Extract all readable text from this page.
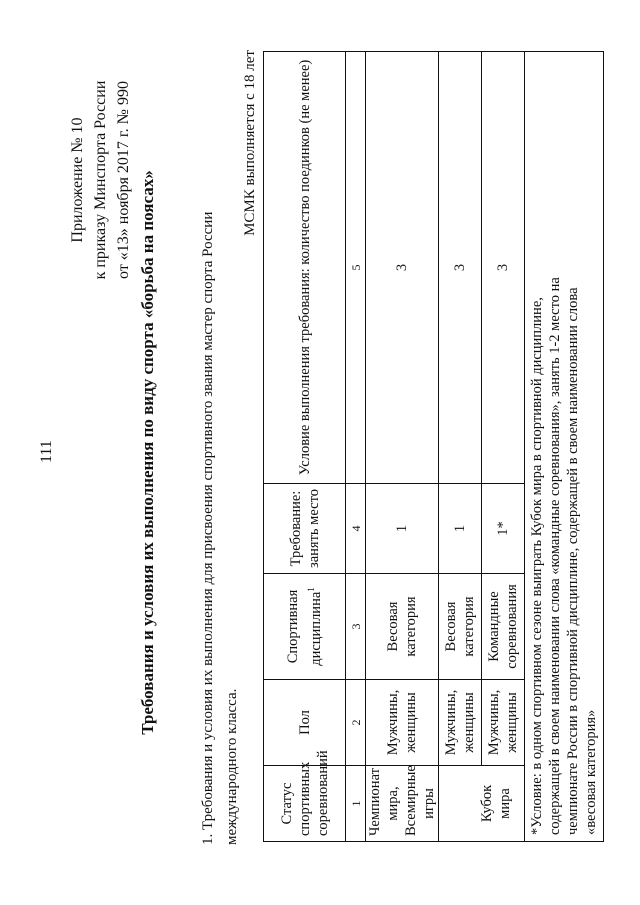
111
Приложение № 10 к приказу Минспорта России от «13» ноября 2017 г. № 990 Требования и условия их выполнения по виду спорта «борьба на поясах»	1. Требования и условия их выполнения для присвоения спортивного звания мастер спорта России международного класса.
МСМК выполняется с 18 лет
Статус спортивных соревнований	Пол	Спортивная дисциплина$^1$	Требование: занять место	Условие выполнения требования: количество поединков (не менее)
1	2	3	4	5
Чемпионат мира, Всемирные игры	Мужчины, женщины	Весовая категория	1	3
Кубок мира	Мужчины, женщины	Весовая категория	1	3
	Мужчины, женщины	Командные соревнования	1*	3

*Условие: в одном спортивном сезоне выиграть Кубок мира в спортивной дисциплине, содержащей в своем наименовании слова «командные соревнования», занять 1-2 место на чемпионате России в спортивной дисциплине, содержащей в своем наименовании слова «весовая категория»				
